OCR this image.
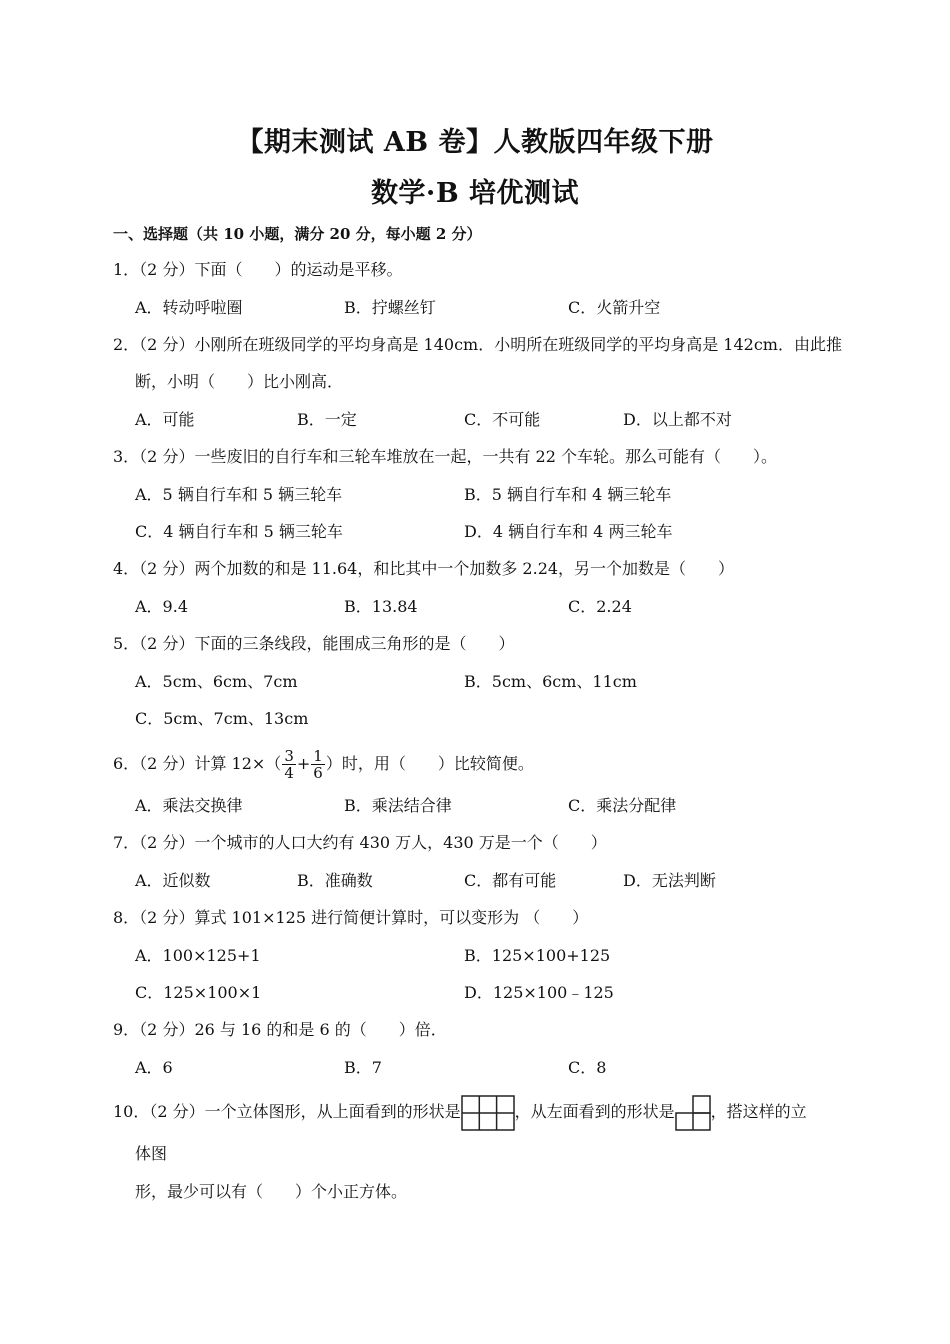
【期末测试 AB 卷】人教版四年级下册
数学·B 培优测试
一、选择题（共 10 小题，满分 20 分，每小题 2 分）
1．（2 分）下面（　　）的运动是平移。
A．转动呼啦圈	B．拧螺丝钉	C．火箭升空
2．（2 分）小刚所在班级同学的平均身高是 140cm．小明所在班级同学的平均身高是 142cm．由此推
断，小明（　　）比小刚高．
A．可能	B．一定	C．不可能	D．以上都不对
3．（2 分）一些废旧的自行车和三轮车堆放在一起，一共有 22 个车轮。那么可能有（　　）。
A．5 辆自行车和 5 辆三轮车	B．5 辆自行车和 4 辆三轮车
C．4 辆自行车和 5 辆三轮车	D．4 辆自行车和 4 两三轮车
4．（2 分）两个加数的和是 11.64，和比其中一个加数多 2.24，另一个加数是（　　）
A．9.4	B．13.84	C．2.24
5．（2 分）下面的三条线段，能围成三角形的是（　　）
A．5cm、6cm、7cm	B．5cm、6cm、11cm
C．5cm、7cm、13cm
6．（2 分）计算 $12\times( \frac{3}{4} + \frac{1}{6}$ ）时，用（　　）比较简便。
A．乘法交换律	B．乘法结合律	C．乘法分配律
7．（2 分）一个城市的人口大约有 430 万人，430 万是一个（　　）
A．近似数	B．准确数	C．都有可能	D．无法判断
8．（2 分）算式 101×125 进行简便计算时，可以变形为 （　　）
A．100×125+1	B．125×100+125
C．125×100×1	D．125×100﹣125
9．（2 分）26 与 16 的和是 6 的（　　）倍．
A．6	B．7	C．8
10．（2 分）一个立体图形，从上面看到的形状是	，从左面看到的形状是 ，搭这样的立
体图
形，最少可以有（　　）个小正方体。
